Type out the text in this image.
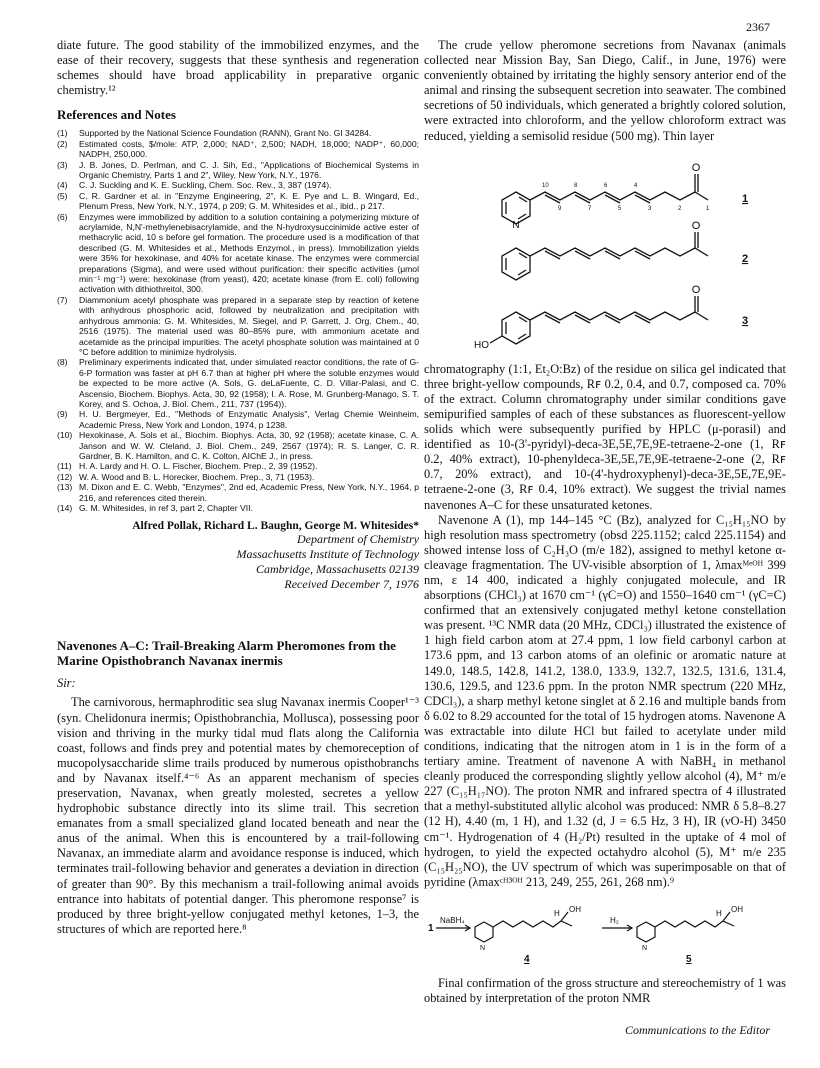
2367

diate future. The good stability of the immobilized enzymes, and the ease of their recovery, suggests that these synthesis and regeneration schemes should have broad applicability in preparative organic chemistry.¹²

References and Notes
(1)	Supported by the National Science Foundation (RANN), Grant No. GI 34284.
(2)	Estimated costs, $/mole: ATP, 2,000; NAD⁺, 2,500; NADH, 18,000; NADP⁺, 60,000; NADPH, 250,000.
(3)	J. B. Jones, D. Perlman, and C. J. Sih, Ed., "Applications of Biochemical Systems in Organic Chemistry, Parts 1 and 2", Wiley, New York, N.Y., 1976.
(4)	C. J. Suckling and K. E. Suckling, Chem. Soc. Rev., 3, 387 (1974).
(5)	C. R. Gardner et al. in "Enzyme Engineering, 2", K. E. Pye and L. B. Wingard, Ed., Plenum Press, New York, N.Y., 1974, p 209; G. M. Whitesides et al., ibid., p 217.
(6)	Enzymes were immobilized by addition to a solution containing a polymerizing mixture of acrylamide, N,N'-methylenebisacrylamide, and the N-hydroxysuccinimide active ester of methacrylic acid, 10 s before gel formation. The procedure used is a modification of that described (G. M. Whitesides et al., Methods Enzymol., in press). Immobilization yields were 35% for hexokinase, and 40% for acetate kinase. The enzymes were commercial preparations (Sigma), and were used without purification: their specific activities (μmol min⁻¹ mg⁻¹) were: hexokinase (from yeast), 420; acetate kinase (from E. coli) following activation with dithiothreitol, 300.
(7)	Diammonium acetyl phosphate was prepared in a separate step by reaction of ketene with anhydrous phosphoric acid, followed by neutralization and precipitation with anhydrous ammonia: G. M. Whitesides, M. Siegel, and P. Garrett, J. Org. Chem., 40, 2516 (1975). The material used was 80–85% pure, with ammonium acetate and acetamide as the principal impurities. The acetyl phosphate solution was maintained at 0 °C before addition to minimize hydrolysis.
(8)	Preliminary experiments indicated that, under simulated reactor conditions, the rate of G-6-P formation was faster at pH 6.7 than at higher pH where the soluble enzymes would be expected to be more active (A. Sols, G. deLaFuente, C. D. Villar-Palasi, and C. Ascensio, Biochem. Biophys. Acta, 30, 92 (1958); I. A. Rose, M. Grunberg-Manago, S. T. Korey, and S. Ochoa, J. Biol. Chem., 211, 737 (1954)).
(9)	H. U. Bergmeyer, Ed., "Methods of Enzymatic Analysis", Verlag Chemie Weinheim, Academic Press, New York and London, 1974, p 1238.
(10) Hexokinase, A. Sols et al., Biochim. Biophys. Acta, 30, 92 (1958); acetate kinase, C. A. Janson and W. W. Cleland, J. Biol. Chem., 249, 2567 (1974); R. S. Langer, C. R. Gardner, B. K. Hamilton, and C. K. Colton, AIChE J., in press.
(11) H. A. Lardy and H. O. L. Fischer, Biochem. Prep., 2, 39 (1952).
(12) W. A. Wood and B. L. Horecker, Biochem. Prep., 3, 71 (1953).
(13) M. Dixon and E. C. Webb, "Enzymes", 2nd ed, Academic Press, New York, N.Y., 1964, p 216, and references cited therein.
(14) G. M. Whitesides, in ref 3, part 2, Chapter VII.
Alfred Pollak, Richard L. Baughn, George M. Whitesides*
Department of Chemistry
Massachusetts Institute of Technology
Cambridge, Massachusetts 02139
Received December 7, 1976
Navenones A–C: Trail-Breaking Alarm Pheromones from the Marine Opisthobranch Navanax inermis
Sir:

The carnivorous, hermaphroditic sea slug Navanax inermis Cooper¹⁻³ (syn. Chelidonura inermis; Opisthobranchia, Mollusca), possessing poor vision and thriving in the murky tidal mud flats along the California coast, follows and finds prey and potential mates by chemoreception of mucopolysaccharide slime trails produced by numerous opisthobranchs and by Navanax itself.⁴⁻⁶ As an apparent mechanism of species preservation, Navanax, when greatly molested, secretes a yellow hydrophobic substance directly into its slime trail. This secretion emanates from a small specialized gland located beneath and near the anus of the animal. When this is encountered by a trail-following Navanax, an immediate alarm and avoidance response is induced, which terminates trail-following behavior and generates a deviation in direction of greater than 90°. By this mechanism a trail-following animal avoids entrance into habitats of potential danger. This pheromone response⁷ is produced by three bright-yellow conjugated methyl ketones, 1–3, the structures of which are reported here.⁸

The crude yellow pheromone secretions from Navanax (animals collected near Mission Bay, San Diego, Calif., in June, 1976) were conveniently obtained by irritating the highly sensory anterior end of the animal and rinsing the subsequent secretion into seawater. The combined secretions of 50 individuals, which generated a brightly colored solution, were extracted into chloroform, and the yellow chloroform extract was reduced, yielding a semisolid residue (500 mg). Thin layer

N
O
O
O
HO
10
9
8
7
6
5
4
3	2	1
1
2
3

chromatography (1:1, Et₂O:Bz) of the residue on silica gel indicated that three bright-yellow compounds, Rꜰ 0.2, 0.4, and 0.7, composed ca. 70% of the extract. Column chromatography under similar conditions gave semipurified samples of each of these substances as fluorescent-yellow solids which were subsequently purified by HPLC (μ-porasil) and identified as 10-(3'-pyridyl)-deca-3E,5E,7E,9E-tetraene-2-one (1, Rꜰ 0.2, 40% extract), 10-phenyldeca-3E,5E,7E,9E-tetraene-2-one (2, Rꜰ 0.7, 20% extract), and 10-(4'-hydroxyphenyl)-deca-3E,5E,7E,9E-tetraene-2-one (3, Rꜰ 0.4, 10% extract). We suggest the trivial names navenones A–C for these unsaturated ketones.

Navenone A (1), mp 144–145 °C (Bz), analyzed for C₁₅H₁₅NO by high resolution mass spectrometry (obsd 225.1152; calcd 225.1154) and showed intense loss of C₂H₃O (m/e 182), assigned to methyl ketone α-cleavage fragmentation. The UV-visible absorption of 1, λmaxᴹᵉᴼᴴ 399 nm, ε 14 400, indicated a highly conjugated molecule, and IR absorptions (CHCl₃) at 1670 cm⁻¹ (γC=O) and 1550–1640 cm⁻¹ (γC=C) confirmed that an extensively conjugated methyl ketone constellation was present. ¹³C NMR data (20 MHz, CDCl₃) illustrated the existence of 1 high field carbon atom at 27.4 ppm, 1 low field carbonyl carbon at 173.6 ppm, and 13 carbon atoms of an olefinic or aromatic nature at 149.0, 148.5, 142.8, 141.2, 138.0, 133.9, 132.7, 132.5, 131.6, 131.4, 130.6, 129.5, and 123.6 ppm. In the proton NMR spectrum (220 MHz, CDCl₃), a sharp methyl ketone singlet at δ 2.16 and multiple bands from δ 6.02 to 8.29 accounted for the total of 15 hydrogen atoms. Navenone A was extractable into dilute HCl but failed to acetylate under mild conditions, indicating that the nitrogen atom in 1 is in the form of a tertiary amine. Treatment of navenone A with NaBH₄ in methanol cleanly produced the corresponding slightly yellow alcohol (4), M⁺ m/e 227 (C₁₅H₁₇NO). The proton NMR and infrared spectra of 4 illustrated that a methyl-substituted allylic alcohol was produced: NMR δ 5.8–8.27 (12 H), 4.40 (m, 1 H), and 1.32 (d, J = 6.5 Hz, 3 H), IR (νO-H) 3450 cm⁻¹. Hydrogenation of 4 (H₂/Pt) resulted in the uptake of 4 mol of hydrogen, to yield the expected octahydro alcohol (5), M⁺ m/e 235 (C₁₅H₂₅NO), the UV spectrum of which was superimposable on that of pyridine (λmaxᶜᴴ³ᴼᴴ 213, 249, 255, 261, 268 nm).⁹

1
NaBH₄	H₂
N	N
H	H
OH	OH
4	5

Final confirmation of the gross structure and stereochemistry of 1 was obtained by interpretation of the proton NMR

Communications to the Editor
